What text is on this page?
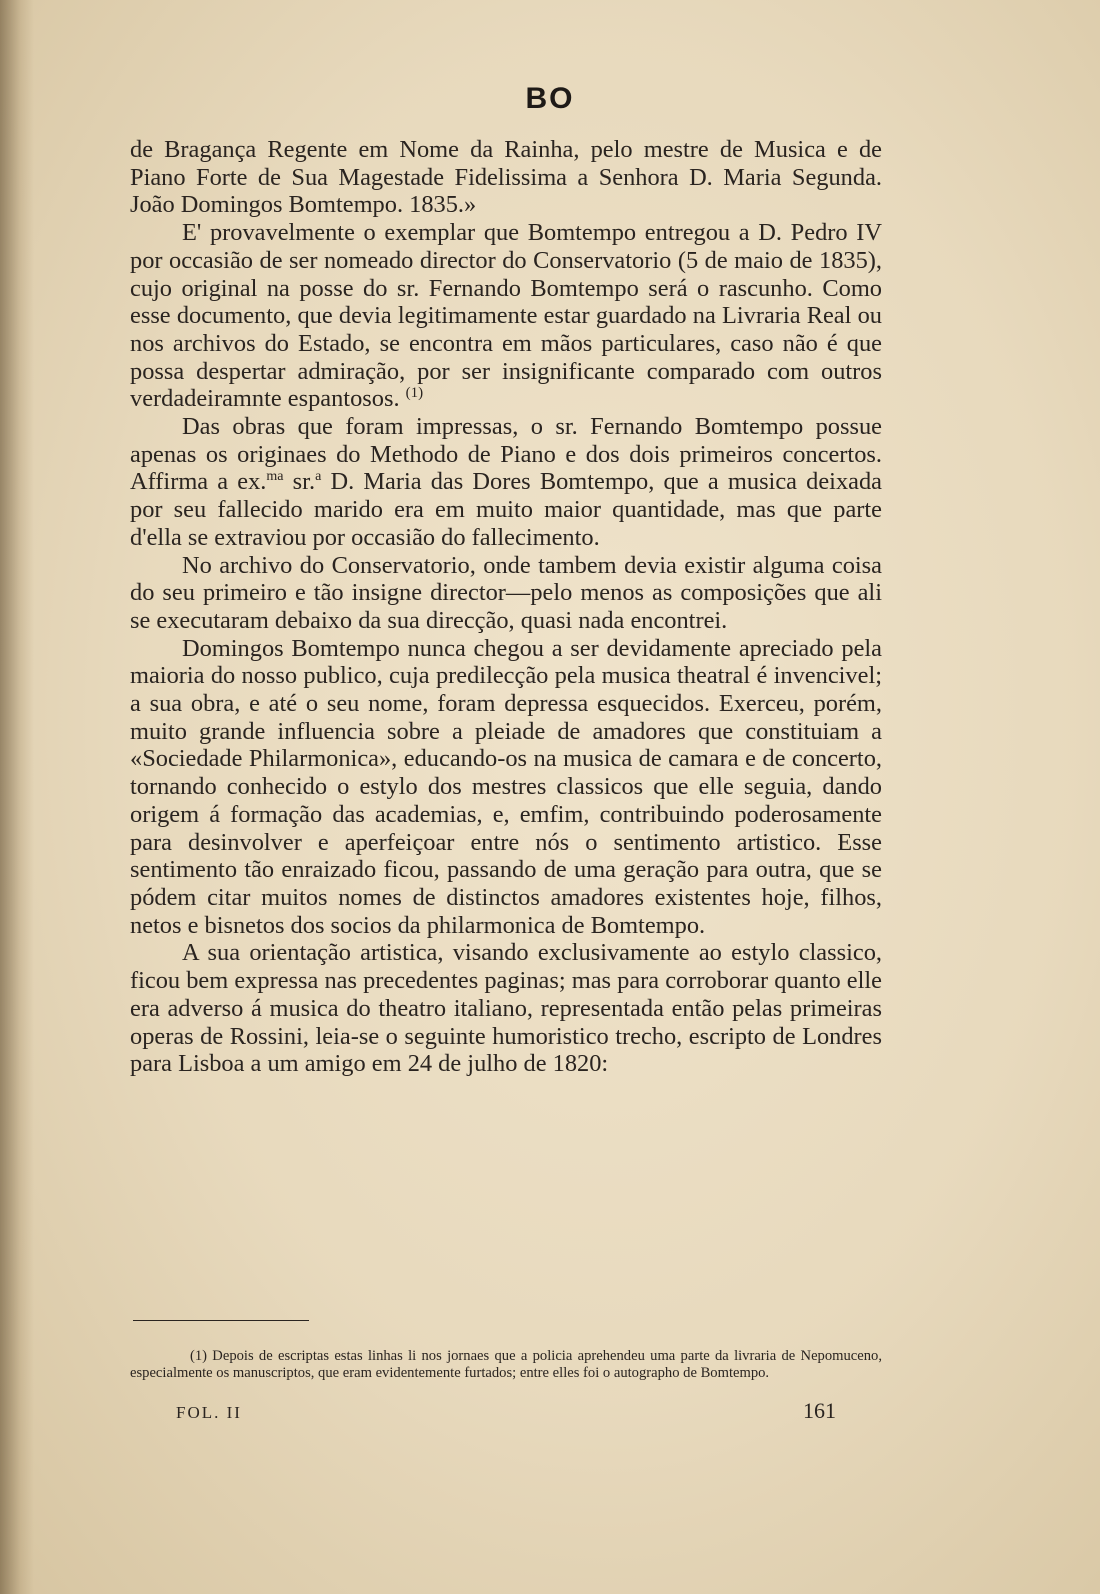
BO

de Bragança Regente em Nome da Rainha, pelo mestre de Musica e de Piano Forte de Sua Magestade Fidelissima a Senhora D. Maria Segunda. João Domingos Bomtempo. 1835.»

E' provavelmente o exemplar que Bomtempo entregou a D. Pedro IV por occasião de ser nomeado director do Conservatorio (5 de maio de 1835), cujo original na posse do sr. Fernando Bomtempo será o rascunho. Como esse documento, que devia legitimamente estar guardado na Livraria Real ou nos archivos do Estado, se encontra em mãos particulares, caso não é que possa despertar admiração, por ser insignificante comparado com outros verdadeiramnte espantosos. $^{(1)}$

Das obras que foram impressas, o sr. Fernando Bomtempo possue apenas os originaes do Methodo de Piano e dos dois primeiros concertos. Affirma a ex.$^{ma}$ sr.$^a$ D. Maria das Dores Bomtempo, que a musica deixada por seu fallecido marido era em muito maior quantidade, mas que parte d'ella se extraviou por occasião do fallecimento.

No archivo do Conservatorio, onde tambem devia existir alguma coisa do seu primeiro e tão insigne director—pelo menos as composições que ali se executaram debaixo da sua direcção, quasi nada encontrei.

Domingos Bomtempo nunca chegou a ser devidamente apreciado pela maioria do nosso publico, cuja predilecção pela musica theatral é invencivel; a sua obra, e até o seu nome, foram depressa esquecidos. Exerceu, porém, muito grande influencia sobre a pleiade de amadores que constituiam a «Sociedade Philarmonica», educando-os na musica de camara e de concerto, tornando conhecido o estylo dos mestres classicos que elle seguia, dando origem á formação das academias, e, emfim, contribuindo poderosamente para desinvolver e aperfeiçoar entre nós o sentimento artistico. Esse sentimento tão enraizado ficou, passando de uma geração para outra, que se pódem citar muitos nomes de distinctos amadores existentes hoje, filhos, netos e bisnetos dos socios da philarmonica de Bomtempo.

A sua orientação artistica, visando exclusivamente ao estylo classico, ficou bem expressa nas precedentes paginas; mas para corroborar quanto elle era adverso á musica do theatro italiano, representada então pelas primeiras operas de Rossini, leia-se o seguinte humoristico trecho, escripto de Londres para Lisboa a um amigo em 24 de julho de 1820:

(1) Depois de escriptas estas linhas li nos jornaes que a policia aprehendeu uma parte da livraria de Nepomuceno, especialmente os manuscriptos, que eram evidentemente furtados; entre elles foi o autographo de Bomtempo.

FOL. II	161
